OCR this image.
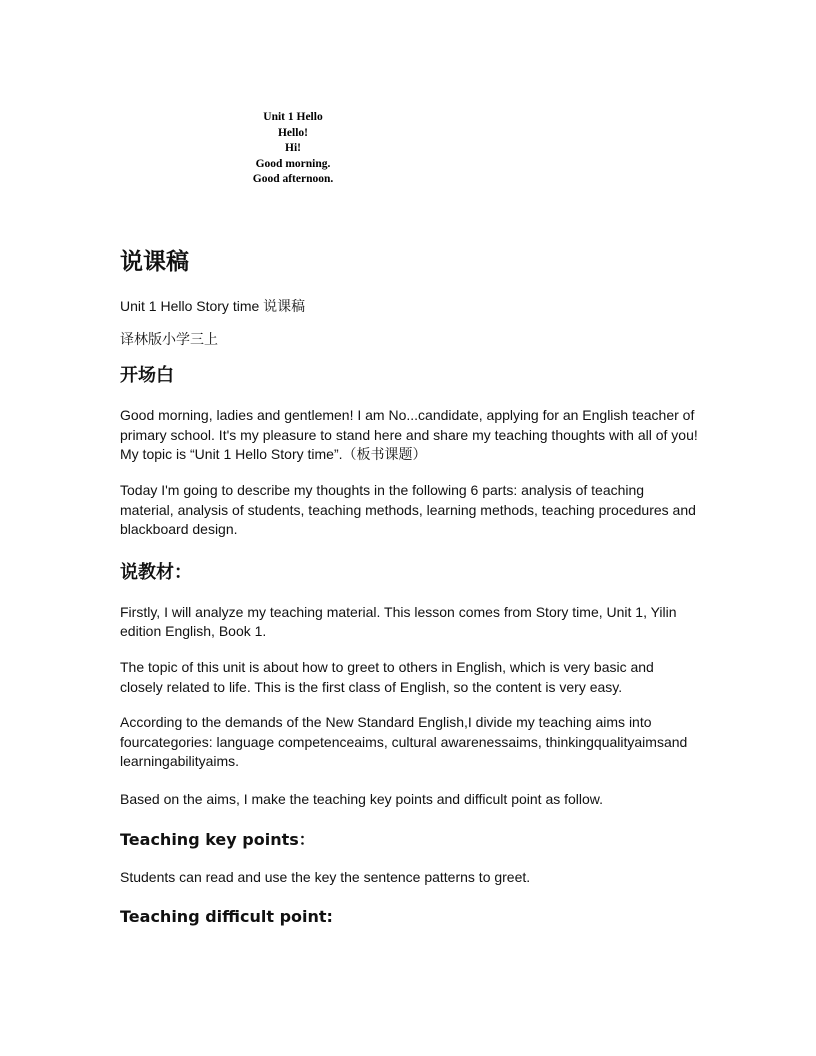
Unit 1 Hello
Hello!
Hi!
Good morning.
Good afternoon.
说课稿

Unit 1 Hello Story time 说课稿

译林版小学三上

开场白

Good morning, ladies and gentlemen! I am No...candidate, applying for an English teacher of primary school. It's my pleasure to stand here and share my teaching thoughts with all of you! My topic is “Unit 1 Hello Story time”.（板书课题）

Today I'm going to describe my thoughts in the following 6 parts: analysis of teaching material, analysis of students, teaching methods, learning methods, teaching procedures and blackboard design.

说教材：

Firstly, I will analyze my teaching material. This lesson comes from Story time, Unit 1, Yilin edition English, Book 1.

The topic of this unit is about how to greet to others in English, which is very basic and closely related to life. This is the first class of English, so the content is very easy.

According to the demands of the New Standard English,I divide my teaching aims into fourcategories: language competenceaims, cultural awarenessaims, thinkingqualityaimsand learningabilityaims.

Based on the aims, I make the teaching key points and difficult point as follow.

Teaching key points：

Students can read and use the key the sentence patterns to greet.

Teaching difficult point:
